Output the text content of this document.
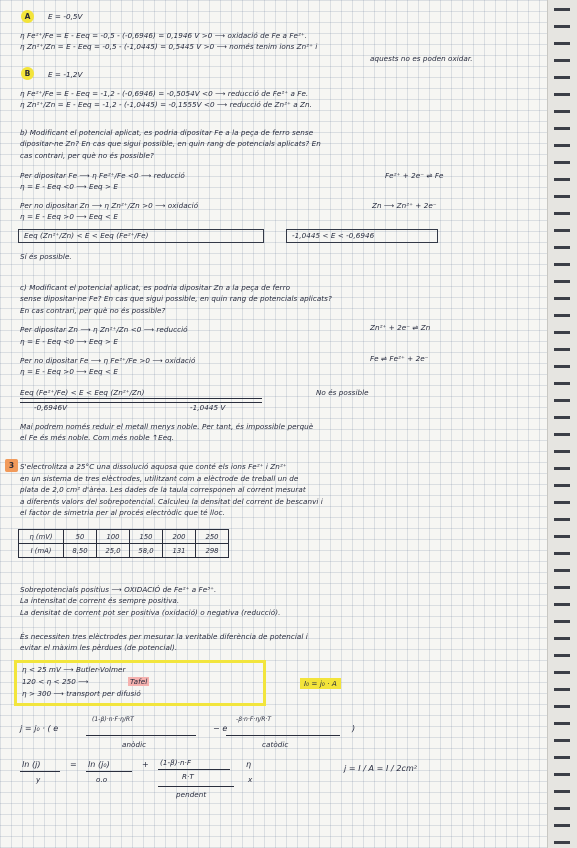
A	E = -0,5V

η Fe²⁺/Fe = E - Eeq = -0,5 - (-0,6946) = 0,1946 V >0 ⟶ oxidació de Fe a Fe²⁺.

η Zn²⁺/Zn = E - Eeq = -0,5 - (-1,0445) = 0,5445 V >0 ⟶ només tenim ions Zn²⁺ i

aquests no es poden oxidar.

B	E = -1,2V

η Fe²⁺/Fe = E - Eeq = -1,2 - (-0,6946) = -0,5054V <0 ⟶ reducció de Fe²⁺ a Fe.

η Zn²⁺/Zn = E - Eeq = -1,2 - (-1,0445) = -0,1555V <0 ⟶ reducció de Zn²⁺ a Zn.

b) Modificant el potencial aplicat, es podria dipositar Fe a la peça de ferro sense

dipositar-ne Zn? En cas que sigui possible, en quin rang de potencials aplicats? En

cas contrari, per què no és possible?

Per dipositar Fe ⟶ η Fe²⁺/Fe <0 ⟶ reducció	Fe²⁺ + 2e⁻ ⇌ Fe

η = E - Eeq <0 ⟶ Eeq > E

Per no dipositar Zn ⟶ η Zn²⁺/Zn >0 ⟶ oxidació	Zn ⟶ Zn²⁺ + 2e⁻

η = E - Eeq >0 ⟶ Eeq < E

Eeq (Zn²⁺/Zn) < E < Eeq (Fe²⁺/Fe)	-1,0445 < E < -0,6946

Sí és possible.

c) Modificant el potencial aplicat, es podria dipositar Zn a la peça de ferro

sense dipositar-ne Fe? En cas que sigui possible, en quin rang de potencials aplicats?

En cas contrari, per què no és possible?

Per dipositar Zn ⟶ η Zn²⁺/Zn <0 ⟶ reducció	Zn²⁺ + 2e⁻ ⇌ Zn

η = E - Eeq <0 ⟶ Eeq > E

Per no dipositar Fe ⟶ η Fe²⁺/Fe >0 ⟶ oxidació	Fe ⇌ Fe²⁺ + 2e⁻

η = E - Eeq >0 ⟶ Eeq < E

Eeq (Fe²⁺/Fe) < E < Eeq (Zn²⁺/Zn)

-0,6946V	-1,0445 V

No és possible

Mai podrem només reduir el metall menys noble. Per tant, és impossible perquè

el Fe és més noble. Com més noble ↑Eeq.

3 S'electrolitza a 25°C una dissolució aquosa que conté els ions Fe²⁺ i Zn²⁺

en un sistema de tres elèctrodes, utilitzant com a elèctrode de treball un de

plata de 2,0 cm² d'àrea. Les dades de la taula corresponen al corrent mesurat

a diferents valors del sobrepotencial. Calculeu la densitat del corrent de bescanvi i

el factor de simetria per al procés electròdic que té lloc.

η (mV)	50	100	150	200	250
I (mA)	8,50	25,0	58,0	131	298

Sobrepotencials positius ⟶ OXIDACIÓ de Fe²⁺ a Fe³⁺.

La intensitat de corrent és sempre positiva.

La densitat de corrent pot ser positiva (oxidació) o negativa (reducció).

És necessiten tres elèctrodes per mesurar la veritable diferència de potencial i

evitar el màxim les pèrdues (de potencial).

η < 25 mV ⟶ Butler-Volmer

120 < η < 250 ⟶	Tafel

η > 300 ⟶ transport per difusió

I₀ = j₀ · A

j = j₀ · ( e

(1-β)·n·F·η/RT

− e

-β·n·F·η/R·T

)

anòdic	catòdic

ln (j)

y

= ln (j₀)

o.o

+ (1-β)·n·F

R·T

η

x

pendent

j = I / A = I / 2cm²
